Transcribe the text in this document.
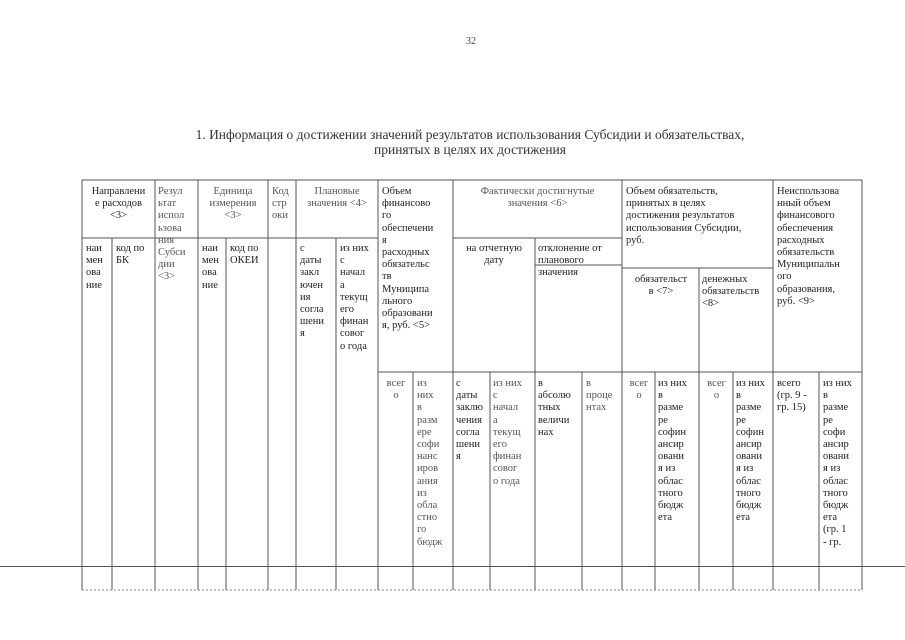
32
1. Информация о достижении значений результатов использования Субсидии и обязательствах,
принятых в целях их достижения
Направлени
е расходов
<3>
наи
мен
ова
ние
код по
БК
Резул
ьтат
испол
ьзова
ния
Субси
дии
<3>
Единица
измерения
<3>
наи
мен
ова
ние
код по
ОКЕИ
Код
стр
оки
Плановые
значения <4>
с
даты
закл
ючен
ия
согла
шени
я
из них
с
начал
а
текущ
его
финан
совог
о года
Объем
финансово
го
обеспечени
я
расходных
обязательс
тв
Муниципа
льного
образовани
я, руб. <5>
всег
о
из
них
в
разм
ере
софи
нанс
иров
ания
из
обла
стно
го
бюдж
Фактически достигнутые
значения <6>
на отчетную
дату
с
даты
заклю
чения
согла
шени
я
из них
с
начал
а
текущ
его
финан
совог
о года
отклонение от
планового
значения
в
абсолю
тных
величи
нах
в
проце
нтах
Объем обязательств,
принятых в целях
достижения результатов
использования Субсидии,
руб.
обязательст
в <7>
денежных
обязательств
<8>
всег
о
из них
в
разме
ре
софин
ансир
овани
я из
облас
тного
бюдж
ета
всег
о
из них
в
разме
ре
софин
ансир
овани
я из
облас
тного
бюдж
ета
Неиспользова
нный объем
финансового
обеспечения
расходных
обязательств
Муниципальн
ого
образования,
руб. <9>
всего
(гр. 9 -
гр. 15)
из них
в
разме
ре
софи
ансир
овани
я из
облас
тного
бюдж
ета
(гр. 1
- гр.
